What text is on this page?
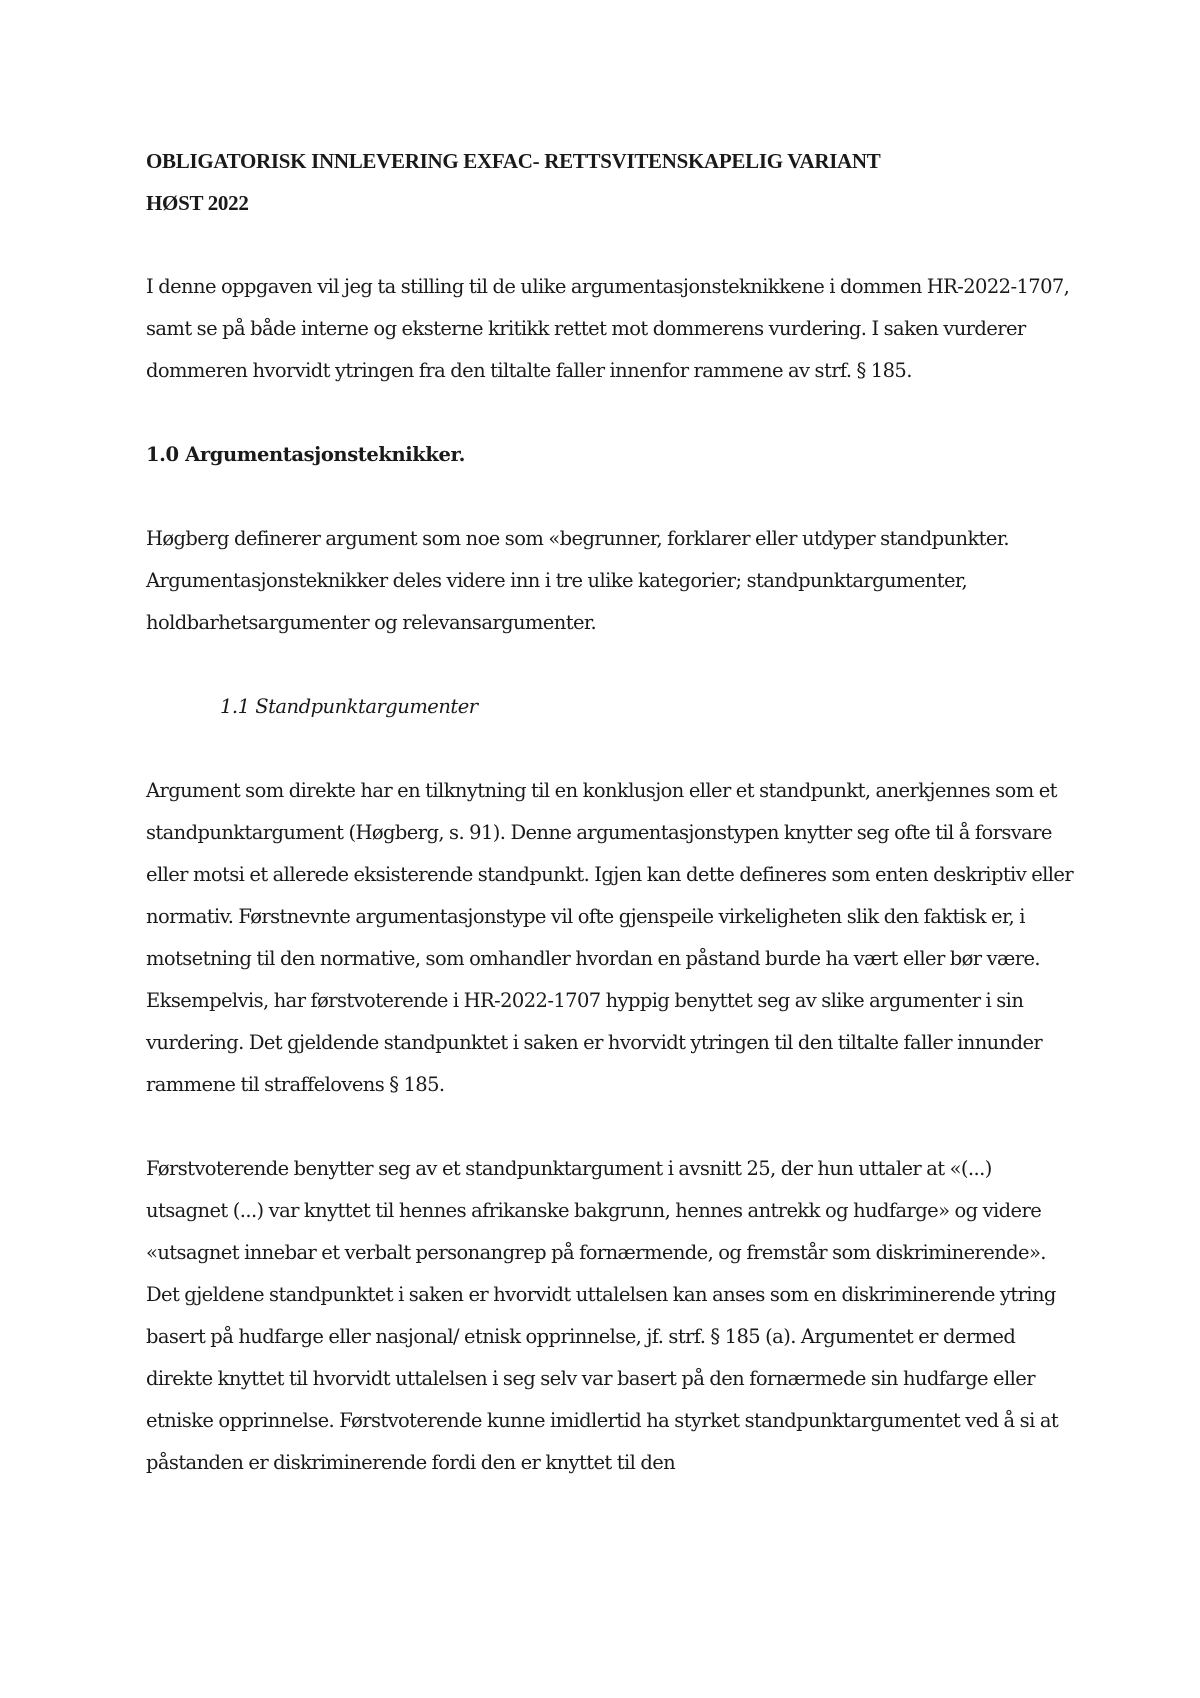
OBLIGATORISK INNLEVERING EXFAC- RETTSVITENSKAPELIG VARIANT
HØST 2022

I denne oppgaven vil jeg ta stilling til de ulike argumentasjonsteknikkene i dommen HR-2022-1707, samt se på både interne og eksterne kritikk rettet mot dommerens vurdering. I saken vurderer dommeren hvorvidt ytringen fra den tiltalte faller innenfor rammene av strf. § 185.

1.0 Argumentasjonsteknikker.

Høgberg definerer argument som noe som «begrunner, forklarer eller utdyper standpunkter. Argumentasjonsteknikker deles videre inn i tre ulike kategorier; standpunktargumenter, holdbarhetsargumenter og relevansargumenter.

1.1 Standpunktargumenter

Argument som direkte har en tilknytning til en konklusjon eller et standpunkt, anerkjennes som et standpunktargument (Høgberg, s. 91). Denne argumentasjonstypen knytter seg ofte til å forsvare eller motsi et allerede eksisterende standpunkt. Igjen kan dette defineres som enten deskriptiv eller normativ. Førstnevnte argumentasjonstype vil ofte gjenspeile virkeligheten slik den faktisk er, i motsetning til den normative, som omhandler hvordan en påstand burde ha vært eller bør være. Eksempelvis, har førstvoterende i HR-2022-1707 hyppig benyttet seg av slike argumenter i sin vurdering. Det gjeldende standpunktet i saken er hvorvidt ytringen til den tiltalte faller innunder rammene til straffelovens § 185.

Førstvoterende benytter seg av et standpunktargument i avsnitt 25, der hun uttaler at «(...) utsagnet (...) var knyttet til hennes afrikanske bakgrunn, hennes antrekk og hudfarge» og videre «utsagnet innebar et verbalt personangrep på fornærmende, og fremstår som diskriminerende». Det gjeldene standpunktet i saken er hvorvidt uttalelsen kan anses som en diskriminerende ytring basert på hudfarge eller nasjonal/ etnisk opprinnelse, jf. strf. § 185 (a). Argumentet er dermed direkte knyttet til hvorvidt uttalelsen i seg selv var basert på den fornærmede sin hudfarge eller etniske opprinnelse. Førstvoterende kunne imidlertid ha styrket standpunktargumentet ved å si at påstanden er diskriminerende fordi den er knyttet til den
